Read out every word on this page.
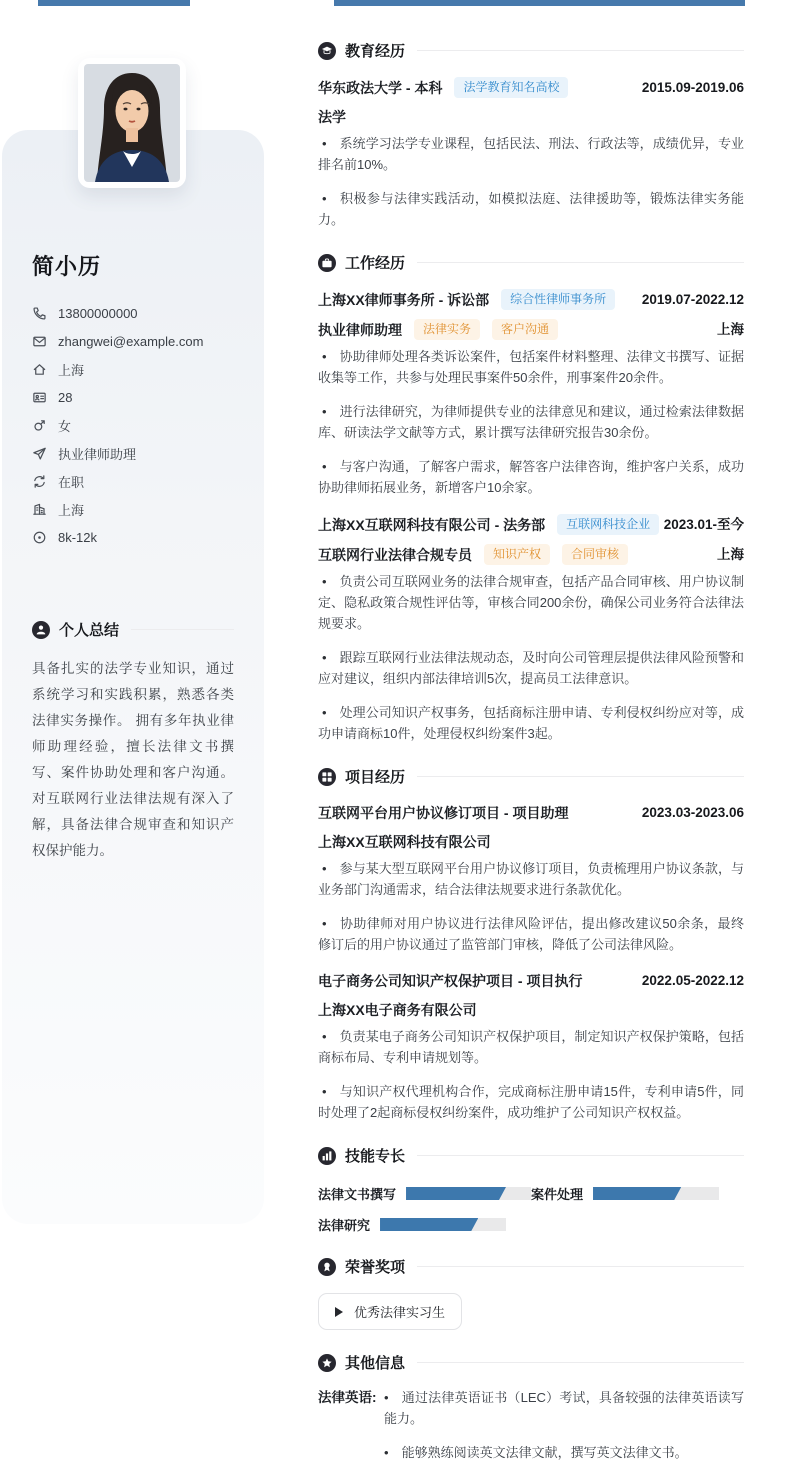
简小历
13800000000
zhangwei@example.com
上海
28
女
执业律师助理
在职
上海
8k-12k
个人总结
具备扎实的法学专业知识，通过系统学习和实践积累，熟悉各类法律实务操作。 拥有多年执业律师助理经验，擅长法律文书撰写、案件协助处理和客户沟通。 对互联网行业法律法规有深入了解，具备法律合规审查和知识产权保护能力。
教育经历
华东政法大学 - 本科	法学教育知名高校	2015.09-2019.06
法学

• 系统学习法学专业课程，包括民法、刑法、行政法等，成绩优异，专业排名前10%。

• 积极参与法律实践活动，如模拟法庭、法律援助等，锻炼法律实务能力。

工作经历
上海XX律师事务所 - 诉讼部	综合性律师事务所	2019.07-2022.12
执业律师助理	法律实务	客户沟通	上海

• 协助律师处理各类诉讼案件，包括案件材料整理、法律文书撰写、证据收集等工作，共参与处理民事案件50余件，刑事案件20余件。

• 进行法律研究，为律师提供专业的法律意见和建议，通过检索法律数据库、研读法学文献等方式，累计撰写法律研究报告30余份。

• 与客户沟通，了解客户需求，解答客户法律咨询，维护客户关系，成功协助律师拓展业务，新增客户10余家。

上海XX互联网科技有限公司 - 法务部	互联网科技企业	2023.01-至今
互联网行业法律合规专员	知识产权	合同审核	上海

• 负责公司互联网业务的法律合规审查，包括产品合同审核、用户协议制定、隐私政策合规性评估等，审核合同200余份，确保公司业务符合法律法规要求。

• 跟踪互联网行业法律法规动态，及时向公司管理层提供法律风险预警和应对建议，组织内部法律培训5次，提高员工法律意识。

• 处理公司知识产权事务，包括商标注册申请、专利侵权纠纷应对等，成功申请商标10件，处理侵权纠纷案件3起。

项目经历
互联网平台用户协议修订项目 - 项目助理	2023.03-2023.06
上海XX互联网科技有限公司

• 参与某大型互联网平台用户协议修订项目，负责梳理用户协议条款，与业务部门沟通需求，结合法律法规要求进行条款优化。

• 协助律师对用户协议进行法律风险评估，提出修改建议50余条，最终修订后的用户协议通过了监管部门审核，降低了公司法律风险。

电子商务公司知识产权保护项目 - 项目执行	2022.05-2022.12
上海XX电子商务有限公司

• 负责某电子商务公司知识产权保护项目，制定知识产权保护策略，包括商标布局、专利申请规划等。

• 与知识产权代理机构合作，完成商标注册申请15件，专利申请5件，同时处理了2起商标侵权纠纷案件，成功维护了公司知识产权权益。

技能专长
法律文书撰写	案件处理
法律研究
荣誉奖项
优秀法律实习生
其他信息
法律英语:	• 通过法律英语证书（LEC）考试，具备较强的法律英语读写能力。

• 能够熟练阅读英文法律文献，撰写英文法律文书。
